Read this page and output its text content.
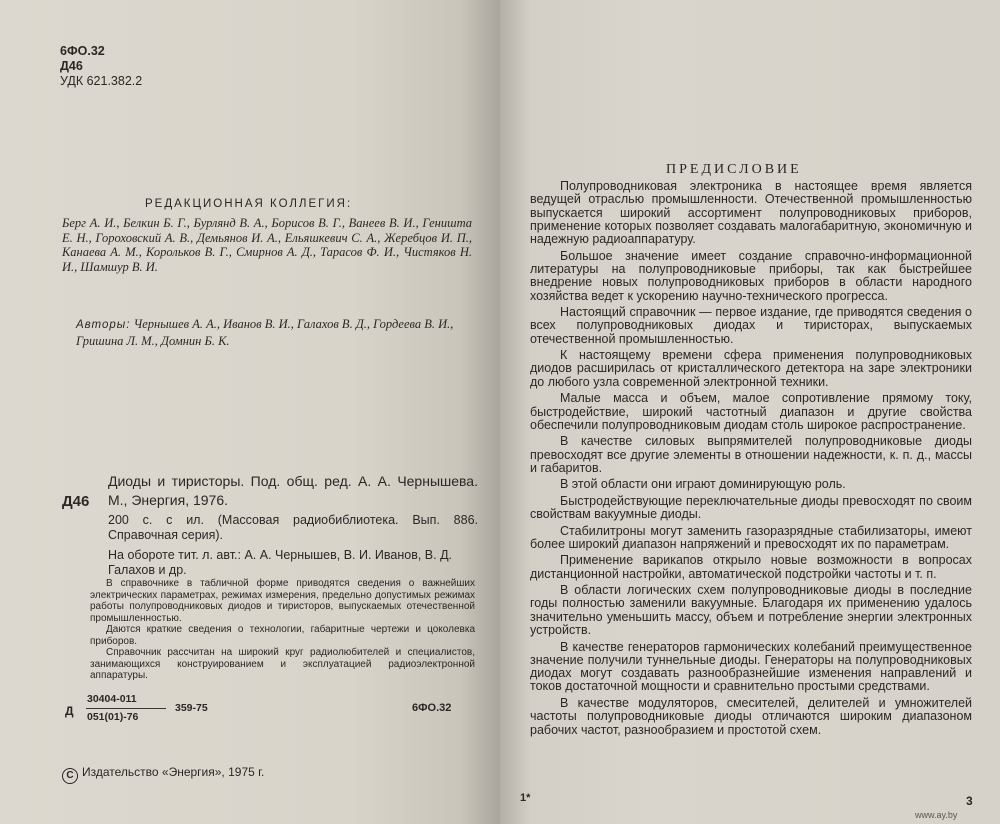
6ФО.32
Д46
УДК 621.382.2
РЕДАКЦИОННАЯ КОЛЛЕГИЯ:
Берг А. И., Белкин Б. Г., Бурлянд В. А., Борисов В. Г., Ванеев В. И., Геништа Е. Н., Гороховский А. В., Демьянов И. А., Ельяшкевич С. А., Жеребцов И. П., Канаева А. М., Корольков В. Г., Смирнов А. Д., Тарасов Ф. И., Чистяков Н. И., Шамшур В. И.
Авторы: Чернышев А. А., Иванов В. И., Галахов В. Д., Гордеева В. И., Гришина Л. М., Домнин Б. К.
Д46
Диоды и тиристоры. Под. общ. ред. А. А. Чернышева. М., Энергия, 1976.
200 с. с ил. (Массовая радиобиблиотека. Вып. 886. Справочная серия).
На обороте тит. л. авт.: А. А. Чернышев, В. И. Иванов, В. Д. Галахов и др.

В справочнике в табличной форме приводятся сведения о важнейших электрических параметрах, режимах измерения, предельно допустимых режимах работы полупроводниковых диодов и тиристоров, выпускаемых отечественной промышленностью.

Даются краткие сведения о технологии, габаритные чертежи и цоколевка приборов.

Справочник рассчитан на широкий круг радиолюбителей и специалистов, занимающихся конструированием и эксплуатацией радиоэлектронной аппаратуры.

Д
30404-011
051(01)-76
359-75	6ФО.32
С Издательство «Энергия», 1975 г.
ПРЕДИСЛОВИЕ

Полупроводниковая электроника в настоящее время является ведущей отраслью промышленности. Отечественной промышленностью выпускается широкий ассортимент полупроводниковых приборов, применение которых позволяет создавать малогабаритную, экономичную и надежную радиоаппаратуру.

Большое значение имеет создание справочно-информационной литературы на полупроводниковые приборы, так как быстрейшее внедрение новых полупроводниковых приборов в области народного хозяйства ведет к ускорению научно-технического прогресса.

Настоящий справочник — первое издание, где приводятся сведения о всех полупроводниковых диодах и тиристорах, выпускаемых отечественной промышленностью.

К настоящему времени сфера применения полупроводниковых диодов расширилась от кристаллического детектора на заре электроники до любого узла современной электронной техники.

Малые масса и объем, малое сопротивление прямому току, быстродействие, широкий частотный диапазон и другие свойства обеспечили полупроводниковым диодам столь широкое распространение.

В качестве силовых выпрямителей полупроводниковые диоды превосходят все другие элементы в отношении надежности, к. п. д., массы и габаритов.

В этой области они играют доминирующую роль.

Быстродействующие переключательные диоды превосходят по своим свойствам вакуумные диоды.

Стабилитроны могут заменить газоразрядные стабилизаторы, имеют более широкий диапазон напряжений и превосходят их по параметрам.

Применение варикапов открыло новые возможности в вопросах дистанционной настройки, автоматической подстройки частоты и т. п.

В области логических схем полупроводниковые диоды в последние годы полностью заменили вакуумные. Благодаря их применению удалось значительно уменьшить массу, объем и потребление энергии электронных устройств.

В качестве генераторов гармонических колебаний преимущественное значение получили туннельные диоды. Генераторы на полупроводниковых диодах могут создавать разнообразнейшие изменения направлений и токов достаточной мощности и сравнительно простыми средствами.

В качестве модуляторов, смесителей, делителей и умножителей частоты полупроводниковые диоды отличаются широким диапазоном рабочих частот, разнообразием и простотой схем.

1*	3
www.ay.by
